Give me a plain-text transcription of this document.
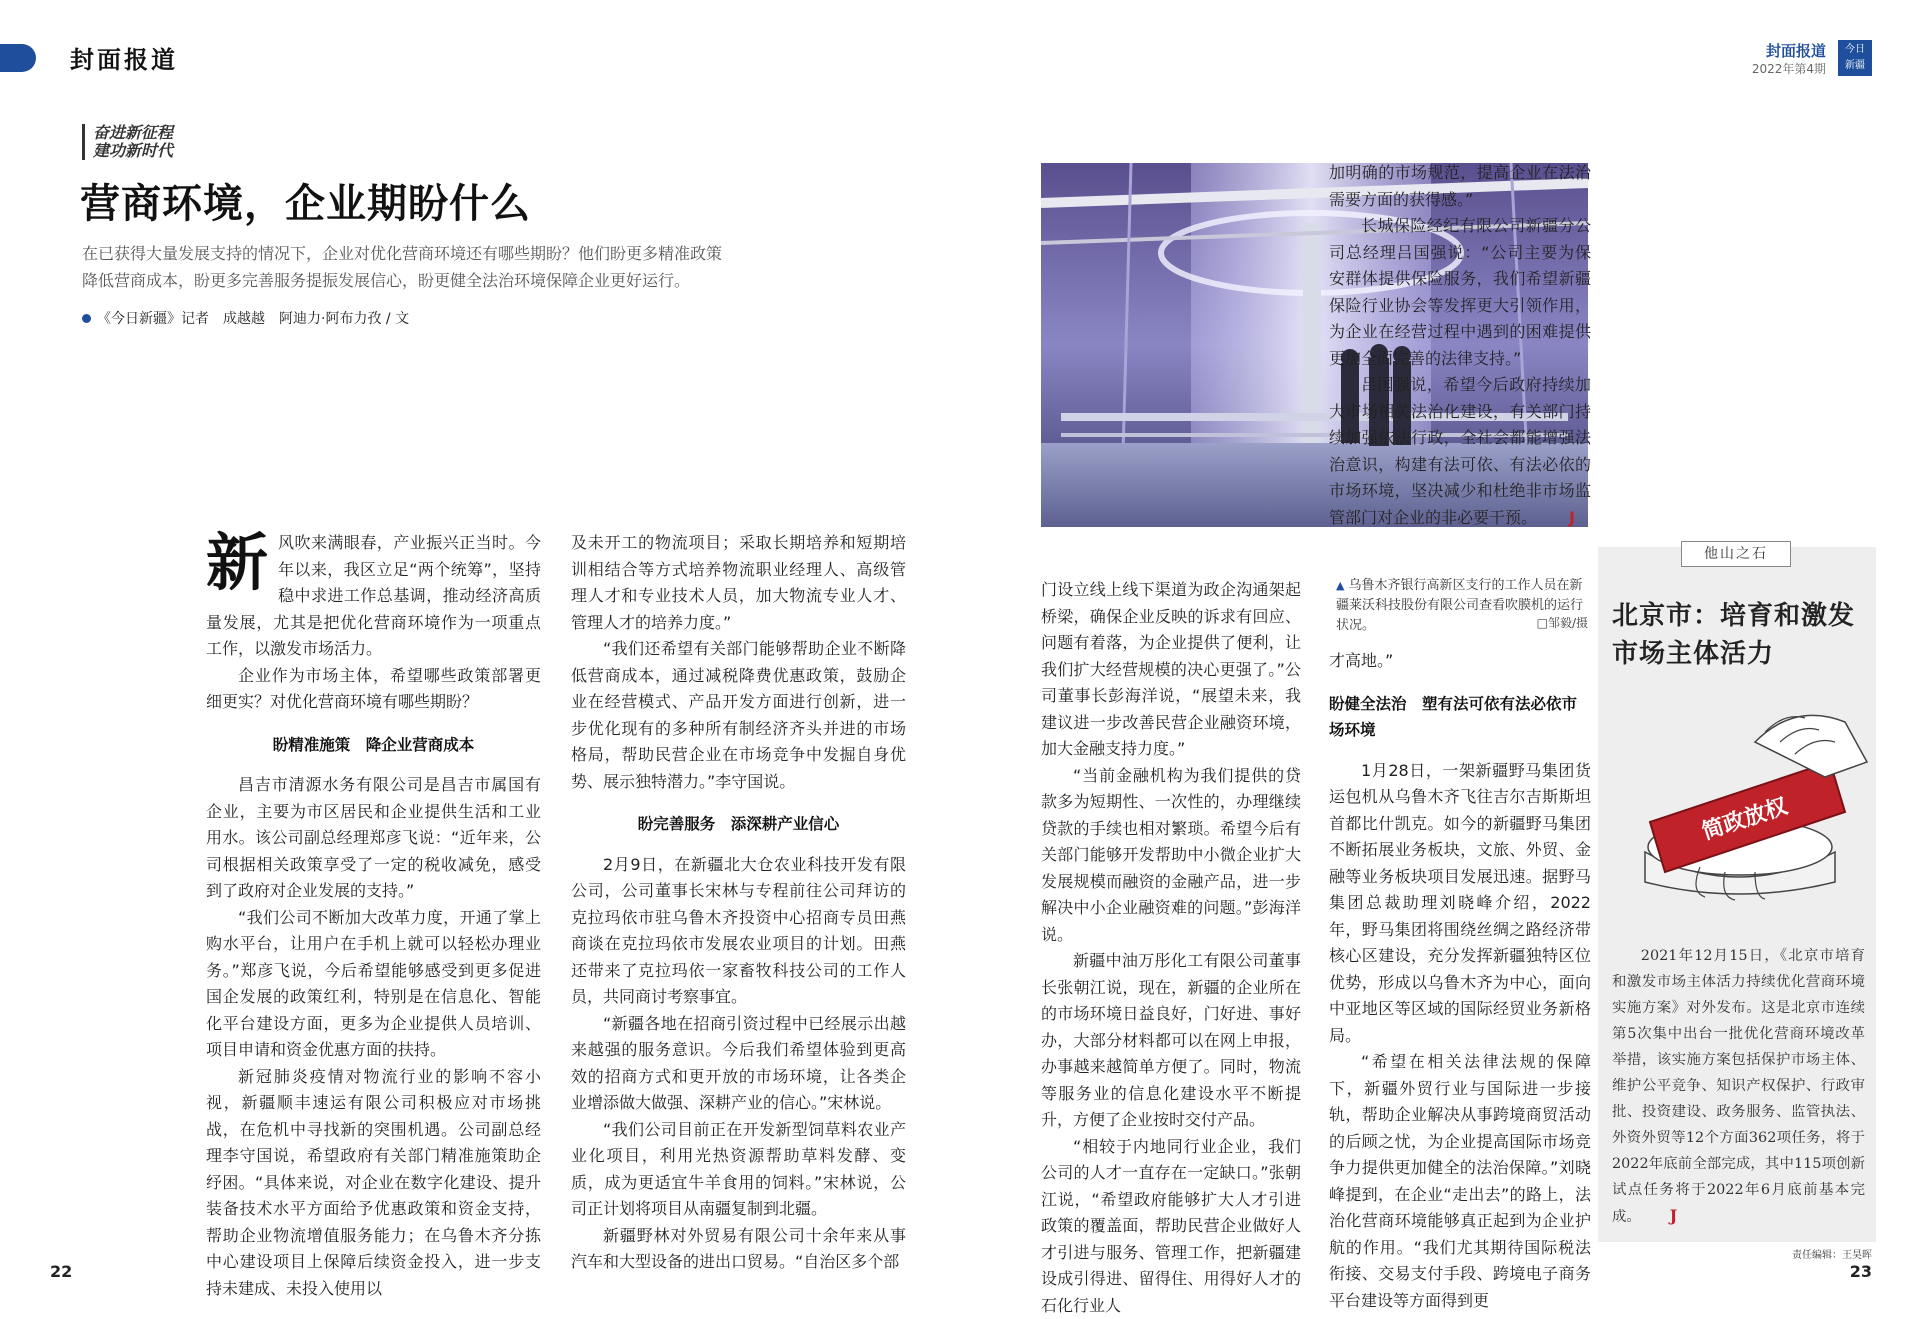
封面报道	封面报道
2022年第4期
今日
新疆
奋进新征程
建功新时代
营商环境，企业期盼什么
在已获得大量发展支持的情况下，企业对优化营商环境还有哪些期盼？他们盼更多精准政策降低营商成本，盼更多完善服务提振发展信心，盼更健全法治环境保障企业更好运行。
《今日新疆》记者　成越越　阿迪力·阿布力孜 / 文

新风吹来满眼春，产业振兴正当时。今年以来，我区立足“两个统筹”，坚持稳中求进工作总基调，推动经济高质量发展，尤其是把优化营商环境作为一项重点工作，以激发市场活力。

企业作为市场主体，希望哪些政策部署更细更实？对优化营商环境有哪些期盼？

盼精准施策　降企业营商成本

昌吉市清源水务有限公司是昌吉市属国有企业，主要为市区居民和企业提供生活和工业用水。该公司副总经理郑彦飞说：“近年来，公司根据相关政策享受了一定的税收减免，感受到了政府对企业发展的支持。”

“我们公司不断加大改革力度，开通了掌上购水平台，让用户在手机上就可以轻松办理业务。”郑彦飞说，今后希望能够感受到更多促进国企发展的政策红利，特别是在信息化、智能化平台建设方面，更多为企业提供人员培训、项目申请和资金优惠方面的扶持。

新冠肺炎疫情对物流行业的影响不容小视，新疆顺丰速运有限公司积极应对市场挑战，在危机中寻找新的突围机遇。公司副总经理李守国说，希望政府有关部门精准施策助企纾困。“具体来说，对企业在数字化建设、提升装备技术水平方面给予优惠政策和资金支持，帮助企业物流增值服务能力；在乌鲁木齐分拣中心建设项目上保障后续资金投入，进一步支持未建成、未投入使用以

及未开工的物流项目；采取长期培养和短期培训相结合等方式培养物流职业经理人、高级管理人才和专业技术人员，加大物流专业人才、管理人才的培养力度。”

“我们还希望有关部门能够帮助企业不断降低营商成本，通过减税降费优惠政策，鼓励企业在经营模式、产品开发方面进行创新，进一步优化现有的多种所有制经济齐头并进的市场格局，帮助民营企业在市场竞争中发掘自身优势、展示独特潜力。”李守国说。

盼完善服务　添深耕产业信心

2月9日，在新疆北大仓农业科技开发有限公司，公司董事长宋林与专程前往公司拜访的克拉玛依市驻乌鲁木齐投资中心招商专员田燕商谈在克拉玛依市发展农业项目的计划。田燕还带来了克拉玛依一家畜牧科技公司的工作人员，共同商讨考察事宜。

“新疆各地在招商引资过程中已经展示出越来越强的服务意识。今后我们希望体验到更高效的招商方式和更开放的市场环境，让各类企业增添做大做强、深耕产业的信心。”宋林说。

“我们公司目前正在开发新型饲草料农业产业化项目，利用光热资源帮助草料发酵、变质，成为更适宜牛羊食用的饲料。”宋林说，公司正计划将项目从南疆复制到北疆。

新疆野林对外贸易有限公司十余年来从事汽车和大型设备的进出口贸易。“自治区多个部

▲ 乌鲁木齐银行高新区支行的工作人员在新疆莱沃科技股份有限公司查看吹膜机的运行状况。	□邹毅/摄

门设立线上线下渠道为政企沟通架起桥梁，确保企业反映的诉求有回应、问题有着落，为企业提供了便利，让我们扩大经营规模的决心更强了。”公司董事长彭海洋说，“展望未来，我建议进一步改善民营企业融资环境，加大金融支持力度。”

“当前金融机构为我们提供的贷款多为短期性、一次性的，办理继续贷款的手续也相对繁琐。希望今后有关部门能够开发帮助中小微企业扩大发展规模而融资的金融产品，进一步解决中小企业融资难的问题。”彭海洋说。

新疆中油万彤化工有限公司董事长张朝江说，现在，新疆的企业所在的市场环境日益良好，门好进、事好办，大部分材料都可以在网上申报，办事越来越简单方便了。同时，物流等服务业的信息化建设水平不断提升，方便了企业按时交付产品。

“相较于内地同行业企业，我们公司的人才一直存在一定缺口。”张朝江说，“希望政府能够扩大人才引进政策的覆盖面，帮助民营企业做好人才引进与服务、管理工作，把新疆建设成引得进、留得住、用得好人才的石化行业人

加明确的市场规范，提高企业在法治需要方面的获得感。”

长城保险经纪有限公司新疆分公司总经理吕国强说：“公司主要为保安群体提供保险服务，我们希望新疆保险行业协会等发挥更大引领作用，为企业在经营过程中遇到的困难提供更加全面完善的法律支持。”

吕国强说，希望今后政府持续加大市场相关法治化建设，有关部门持续加强依法行政，全社会都能增强法治意识，构建有法可依、有法必依的市场环境，坚决减少和杜绝非市场监管部门对企业的非必要干预。 J

才高地。”

盼健全法治　塑有法可依有法必依市场环境

1月28日，一架新疆野马集团货运包机从乌鲁木齐飞往吉尔吉斯斯坦首都比什凯克。如今的新疆野马集团不断拓展业务板块，文旅、外贸、金融等业务板块项目发展迅速。据野马集团总裁助理刘晓峰介绍，2022年，野马集团将围绕丝绸之路经济带核心区建设，充分发挥新疆独特区位优势，形成以乌鲁木齐为中心，面向中亚地区等区域的国际经贸业务新格局。

“希望在相关法律法规的保障下，新疆外贸行业与国际进一步接轨，帮助企业解决从事跨境商贸活动的后顾之忧，为企业提高国际市场竞争力提供更加健全的法治保障。”刘晓峰提到，在企业“走出去”的路上，法治化营商环境能够真正起到为企业护航的作用。“我们尤其期待国际税法衔接、交易支付手段、跨境电子商务平台建设等方面得到更

他山之石
北京市：培育和激发市场主体活力
简政放权

2021年12月15日，《北京市培育和激发市场主体活力持续优化营商环境实施方案》对外发布。这是北京市连续第5次集中出台一批优化营商环境改革举措，该实施方案包括保护市场主体、维护公平竞争、知识产权保护、行政审批、投资建设、政务服务、监管执法、外资外贸等12个方面362项任务，将于2022年底前全部完成，其中115项创新试点任务将于2022年6月底前基本完成。 J

22
责任编辑：王昊晖
23
